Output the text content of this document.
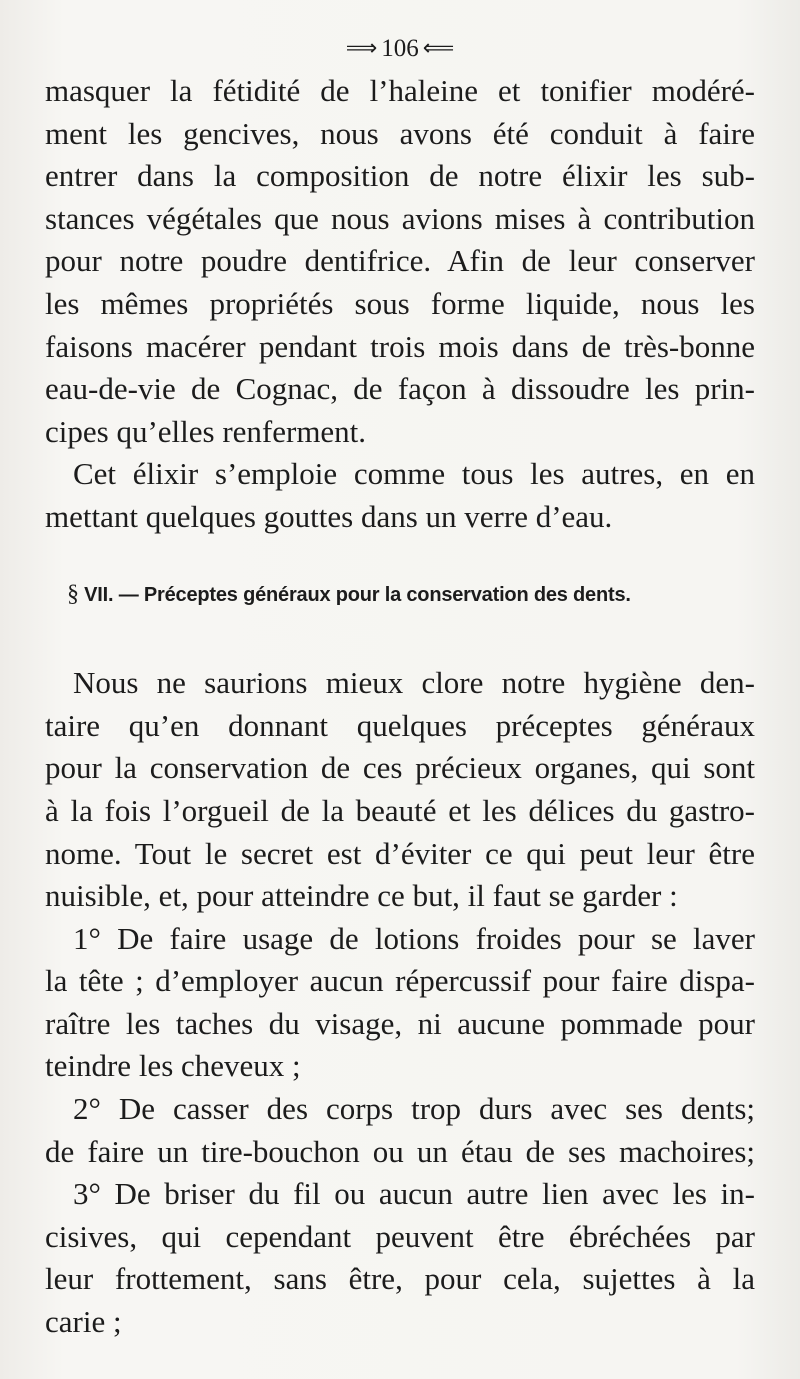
⟹ 106 ⟸
masquer la fétidité de l’haleine et tonifier modéré-
ment les gencives, nous avons été conduit à faire
entrer dans la composition de notre élixir les sub-
stances végétales que nous avions mises à contribution
pour notre poudre dentifrice. Afin de leur conserver
les mêmes propriétés sous forme liquide, nous les
faisons macérer pendant trois mois dans de très-bonne
eau-de-vie de Cognac, de façon à dissoudre les prin-
cipes qu’elles renferment.
Cet élixir s’emploie comme tous les autres, en en
mettant quelques gouttes dans un verre d’eau.
§ VII. — Préceptes généraux pour la conservation des dents.
Nous ne saurions mieux clore notre hygiène den-
taire qu’en donnant quelques préceptes généraux
pour la conservation de ces précieux organes, qui sont
à la fois l’orgueil de la beauté et les délices du gastro-
nome. Tout le secret est d’éviter ce qui peut leur être
nuisible, et, pour atteindre ce but, il faut se garder :
1° De faire usage de lotions froides pour se laver
la tête ; d’employer aucun répercussif pour faire dispa-
raître les taches du visage, ni aucune pommade pour
teindre les cheveux ;
2° De casser des corps trop durs avec ses dents;
de faire un tire-bouchon ou un étau de ses machoires;
3° De briser du fil ou aucun autre lien avec les in-
cisives, qui cependant peuvent être ébréchées par
leur frottement, sans être, pour cela, sujettes à la
carie ;
